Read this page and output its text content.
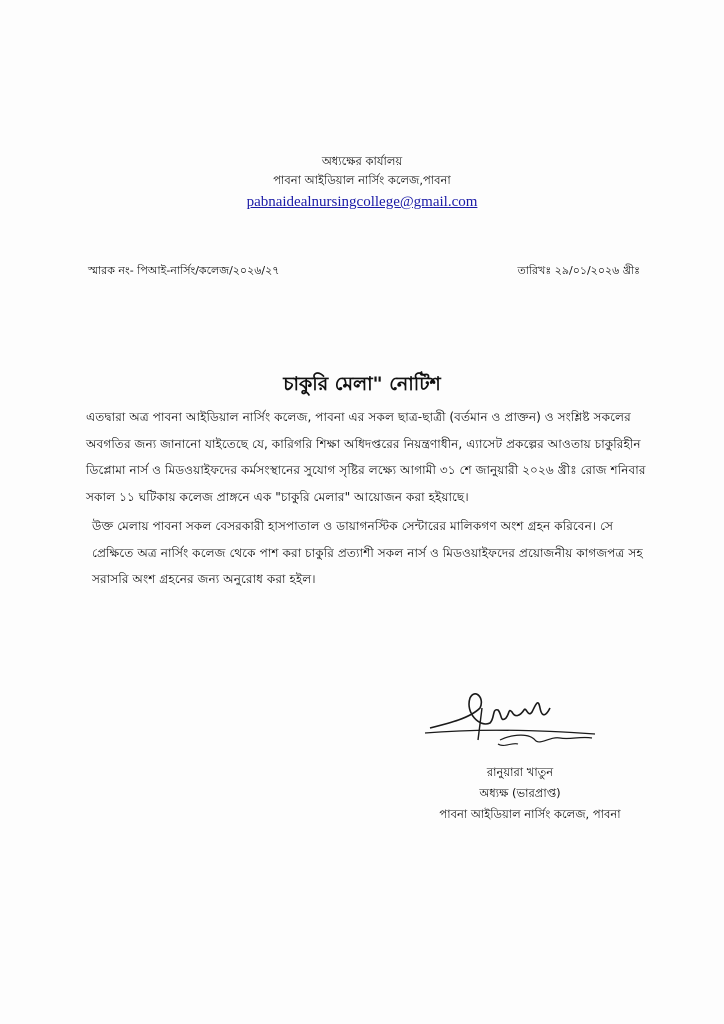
অধ্যক্ষের কার্যালয়
পাবনা আইডিয়াল নার্সিং কলেজ,পাবনা
pabnaidealnursingcollege@gmail.com
স্মারক নং- পিআই-নার্সিং/কলেজ/২০২৬/২৭	তারিখঃ ২৯/০১/২০২৬ খ্রীঃ
চাকুরি মেলা" নোটিশ
এতদ্বারা অত্র পাবনা আইডিয়াল নার্সিং কলেজ, পাবনা এর সকল ছাত্র-ছাত্রী (বর্তমান ও প্রাক্তন) ও সংশ্লিষ্ট সকলের অবগতির জন্য জানানো যাইতেছে যে, কারিগরি শিক্ষা অধিদপ্তরের নিয়ন্ত্রণাধীন, এ্যাসেট প্রকল্পের আওতায় চাকুরিহীন ডিপ্লোমা নার্স ও মিডওয়াইফদের কর্মসংস্থানের সুযোগ সৃষ্টির লক্ষ্যে আগামী ৩১ শে জানুয়ারী ২০২৬ খ্রীঃ রোজ শনিবার সকাল ১১ ঘটিকায় কলেজ প্রাঙ্গনে এক "চাকুরি মেলার" আয়োজন করা হইয়াছে।
উক্ত মেলায় পাবনা সকল বেসরকারী হাসপাতাল ও ডায়াগনস্টিক সেন্টারের মালিকগণ অংশ গ্রহন করিবেন। সে প্রেক্ষিতে অত্র নার্সিং কলেজ থেকে পাশ করা চাকুরি প্রত্যাশী সকল নার্স ও মিডওয়াইফদের প্রয়োজনীয় কাগজপত্র সহ সরাসরি অংশ গ্রহনের জন্য অনুরোধ করা হইল।
রানুয়ারা খাতুন
অধ্যক্ষ (ভারপ্রাপ্ত)
পাবনা আইডিয়াল নার্সিং কলেজ, পাবনা
